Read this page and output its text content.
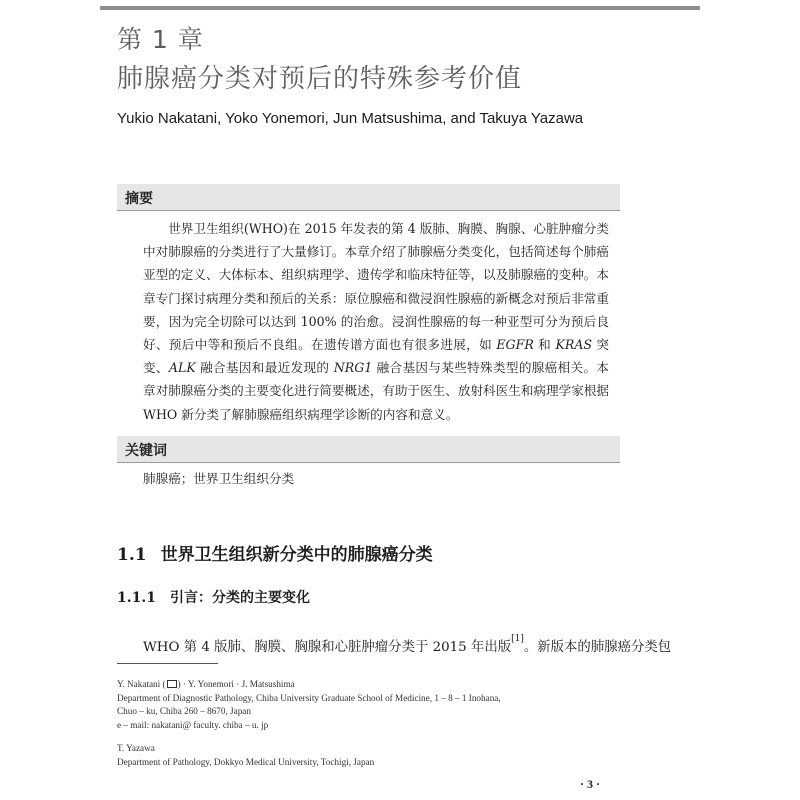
第 1 章
肺腺癌分类对预后的特殊参考价值
Yukio Nakatani, Yoko Yonemori, Jun Matsushima, and Takuya Yazawa
摘要

世界卫生组织(WHO)在 2015 年发表的第 4 版肺、胸膜、胸腺、心脏肿瘤分类中对肺腺癌的分类进行了大量修订。本章介绍了肺腺癌分类变化，包括简述每个肺癌亚型的定义、大体标本、组织病理学、遗传学和临床特征等，以及肺腺癌的变种。本章专门探讨病理分类和预后的关系：原位腺癌和微浸润性腺癌的新概念对预后非常重要，因为完全切除可以达到 100% 的治愈。浸润性腺癌的每一种亚型可分为预后良好、预后中等和预后不良组。在遗传谱方面也有很多进展，如 EGFR 和 KRAS 突变、ALK 融合基因和最近发现的 NRG1 融合基因与某些特殊类型的腺癌相关。本章对肺腺癌分类的主要变化进行简要概述，有助于医生、放射科医生和病理学家根据 WHO 新分类了解肺腺癌组织病理学诊断的内容和意义。

关键词
肺腺癌；世界卫生组织分类
1.1 世界卫生组织新分类中的肺腺癌分类
1.1.1 引言：分类的主要变化
WHO 第 4 版肺、胸膜、胸腺和心脏肿瘤分类于 2015 年出版[1]。新版本的肺腺癌分类包
Y. Nakatani ( ) · Y. Yonemori · J. Matsushima
Department of Diagnostic Pathology, Chiba University Graduate School of Medicine, 1 – 8 – 1 Inohana,
Chuo – ku, Chiba 260 – 8670, Japan
e – mail: nakatani@ faculty. chiba – u. jp
T. Yazawa
Department of Pathology, Dokkyo Medical University, Tochigi, Japan
· 3 ·
